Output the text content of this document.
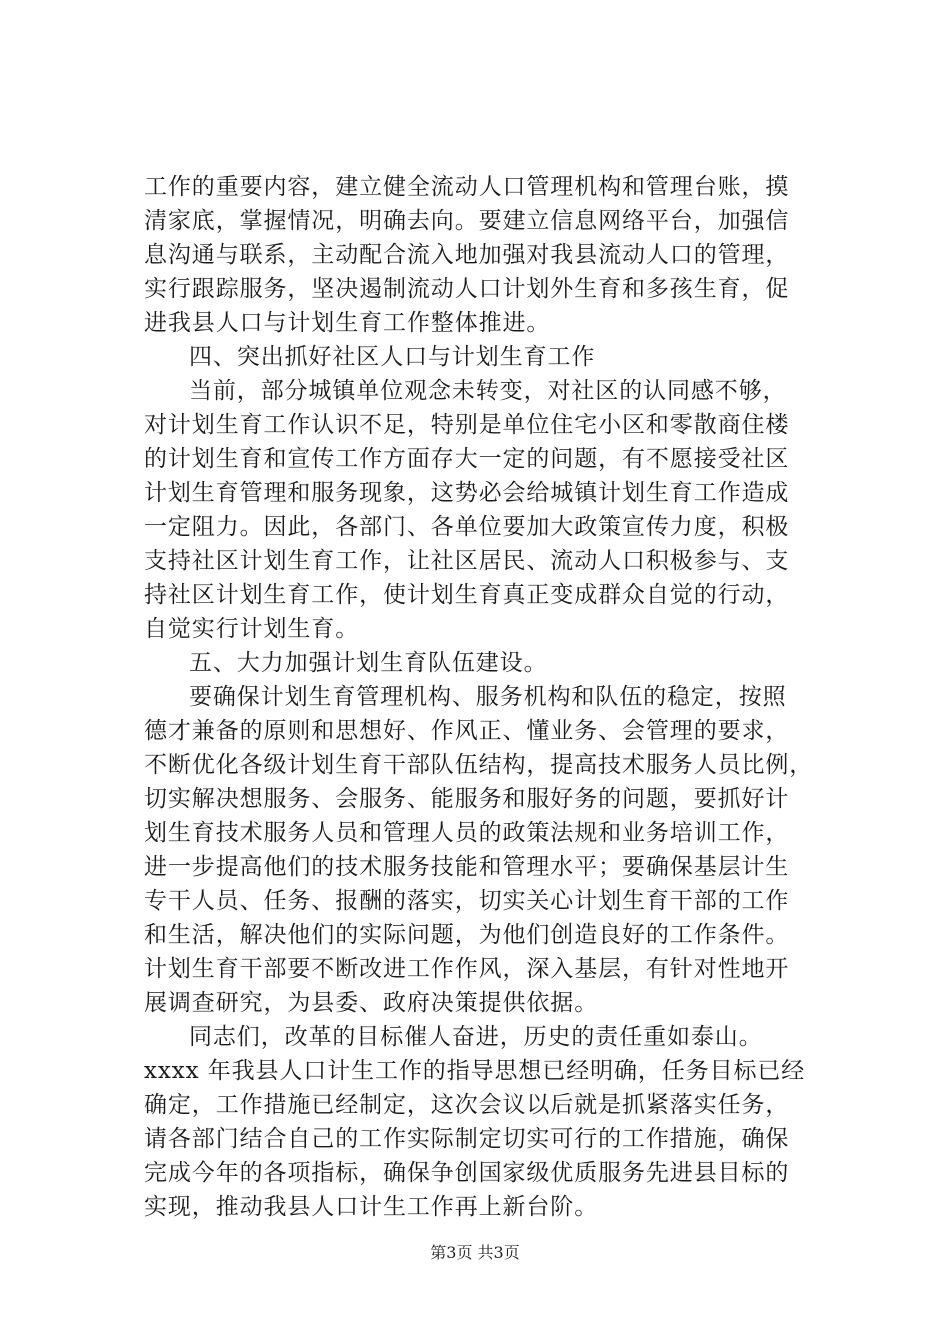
工作的重要内容，建立健全流动人口管理机构和管理台账，摸
清家底，掌握情况，明确去向。要建立信息网络平台，加强信
息沟通与联系，主动配合流入地加强对我县流动人口的管理，
实行跟踪服务，坚决遏制流动人口计划外生育和多孩生育，促
进我县人口与计划生育工作整体推进。
四、突出抓好社区人口与计划生育工作
当前，部分城镇单位观念未转变，对社区的认同感不够，
对计划生育工作认识不足，特别是单位住宅小区和零散商住楼
的计划生育和宣传工作方面存大一定的问题，有不愿接受社区
计划生育管理和服务现象，这势必会给城镇计划生育工作造成
一定阻力。因此，各部门、各单位要加大政策宣传力度，积极
支持社区计划生育工作，让社区居民、流动人口积极参与、支
持社区计划生育工作，使计划生育真正变成群众自觉的行动，
自觉实行计划生育。
五、大力加强计划生育队伍建设。
要确保计划生育管理机构、服务机构和队伍的稳定，按照
德才兼备的原则和思想好、作风正、懂业务、会管理的要求，
不断优化各级计划生育干部队伍结构，提高技术服务人员比例，
切实解决想服务、会服务、能服务和服好务的问题，要抓好计
划生育技术服务人员和管理人员的政策法规和业务培训工作，
进一步提高他们的技术服务技能和管理水平；要确保基层计生
专干人员、任务、报酬的落实，切实关心计划生育干部的工作
和生活，解决他们的实际问题，为他们创造良好的工作条件。
计划生育干部要不断改进工作作风，深入基层，有针对性地开
展调查研究，为县委、政府决策提供依据。
同志们，改革的目标催人奋进，历史的责任重如泰山。
xxxx 年我县人口计生工作的指导思想已经明确，任务目标已经
确定，工作措施已经制定，这次会议以后就是抓紧落实任务，
请各部门结合自己的工作实际制定切实可行的工作措施，确保
完成今年的各项指标，确保争创国家级优质服务先进县目标的
实现，推动我县人口计生工作再上新台阶。
第3页 共3页
